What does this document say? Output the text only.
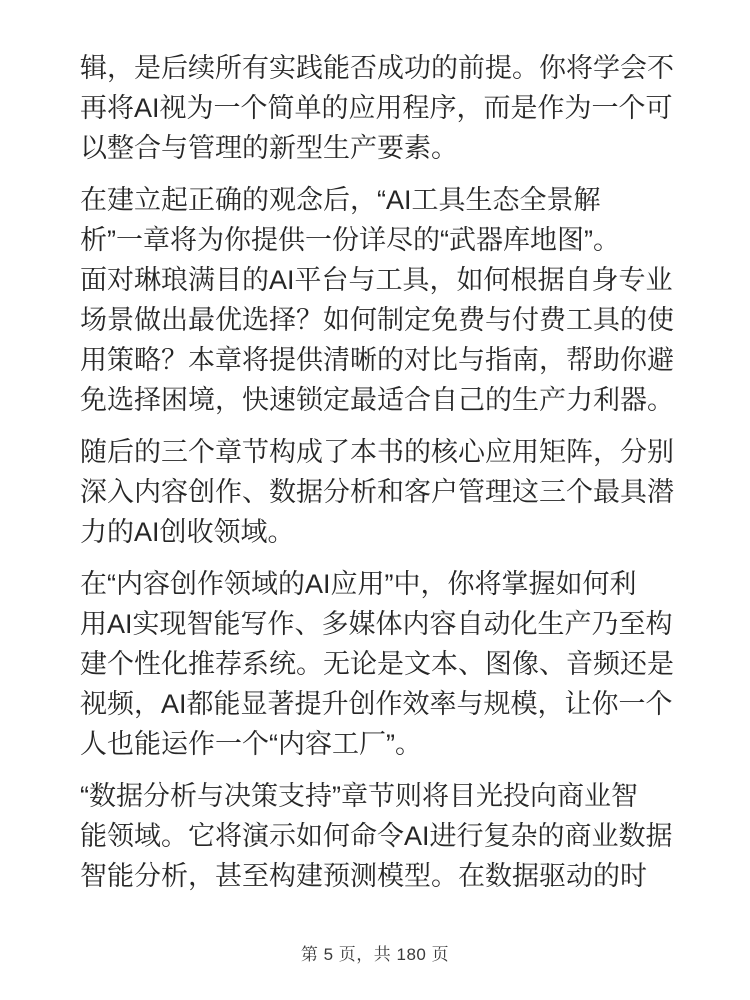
辑，是后续所有实践能否成功的前提。你将学会不
再将AI视为一个简单的应用程序，而是作为一个可
以整合与管理的新型生产要素。

在建立起正确的观念后，“AI工具生态全景解
析”一章将为你提供一份详尽的“武器库地图”。
面对琳琅满目的AI平台与工具，如何根据自身专业
场景做出最优选择？如何制定免费与付费工具的使
用策略？本章将提供清晰的对比与指南，帮助你避
免选择困境，快速锁定最适合自己的生产力利器。

随后的三个章节构成了本书的核心应用矩阵，分别
深入内容创作、数据分析和客户管理这三个最具潜
力的AI创收领域。

在“内容创作领域的AI应用”中，你将掌握如何利
用AI实现智能写作、多媒体内容自动化生产乃至构
建个性化推荐系统。无论是文本、图像、音频还是
视频，AI都能显著提升创作效率与规模，让你一个
人也能运作一个“内容工厂”。

“数据分析与决策支持”章节则将目光投向商业智
能领域。它将演示如何命令AI进行复杂的商业数据
智能分析，甚至构建预测模型。在数据驱动的时

第 5 页，共 180 页
